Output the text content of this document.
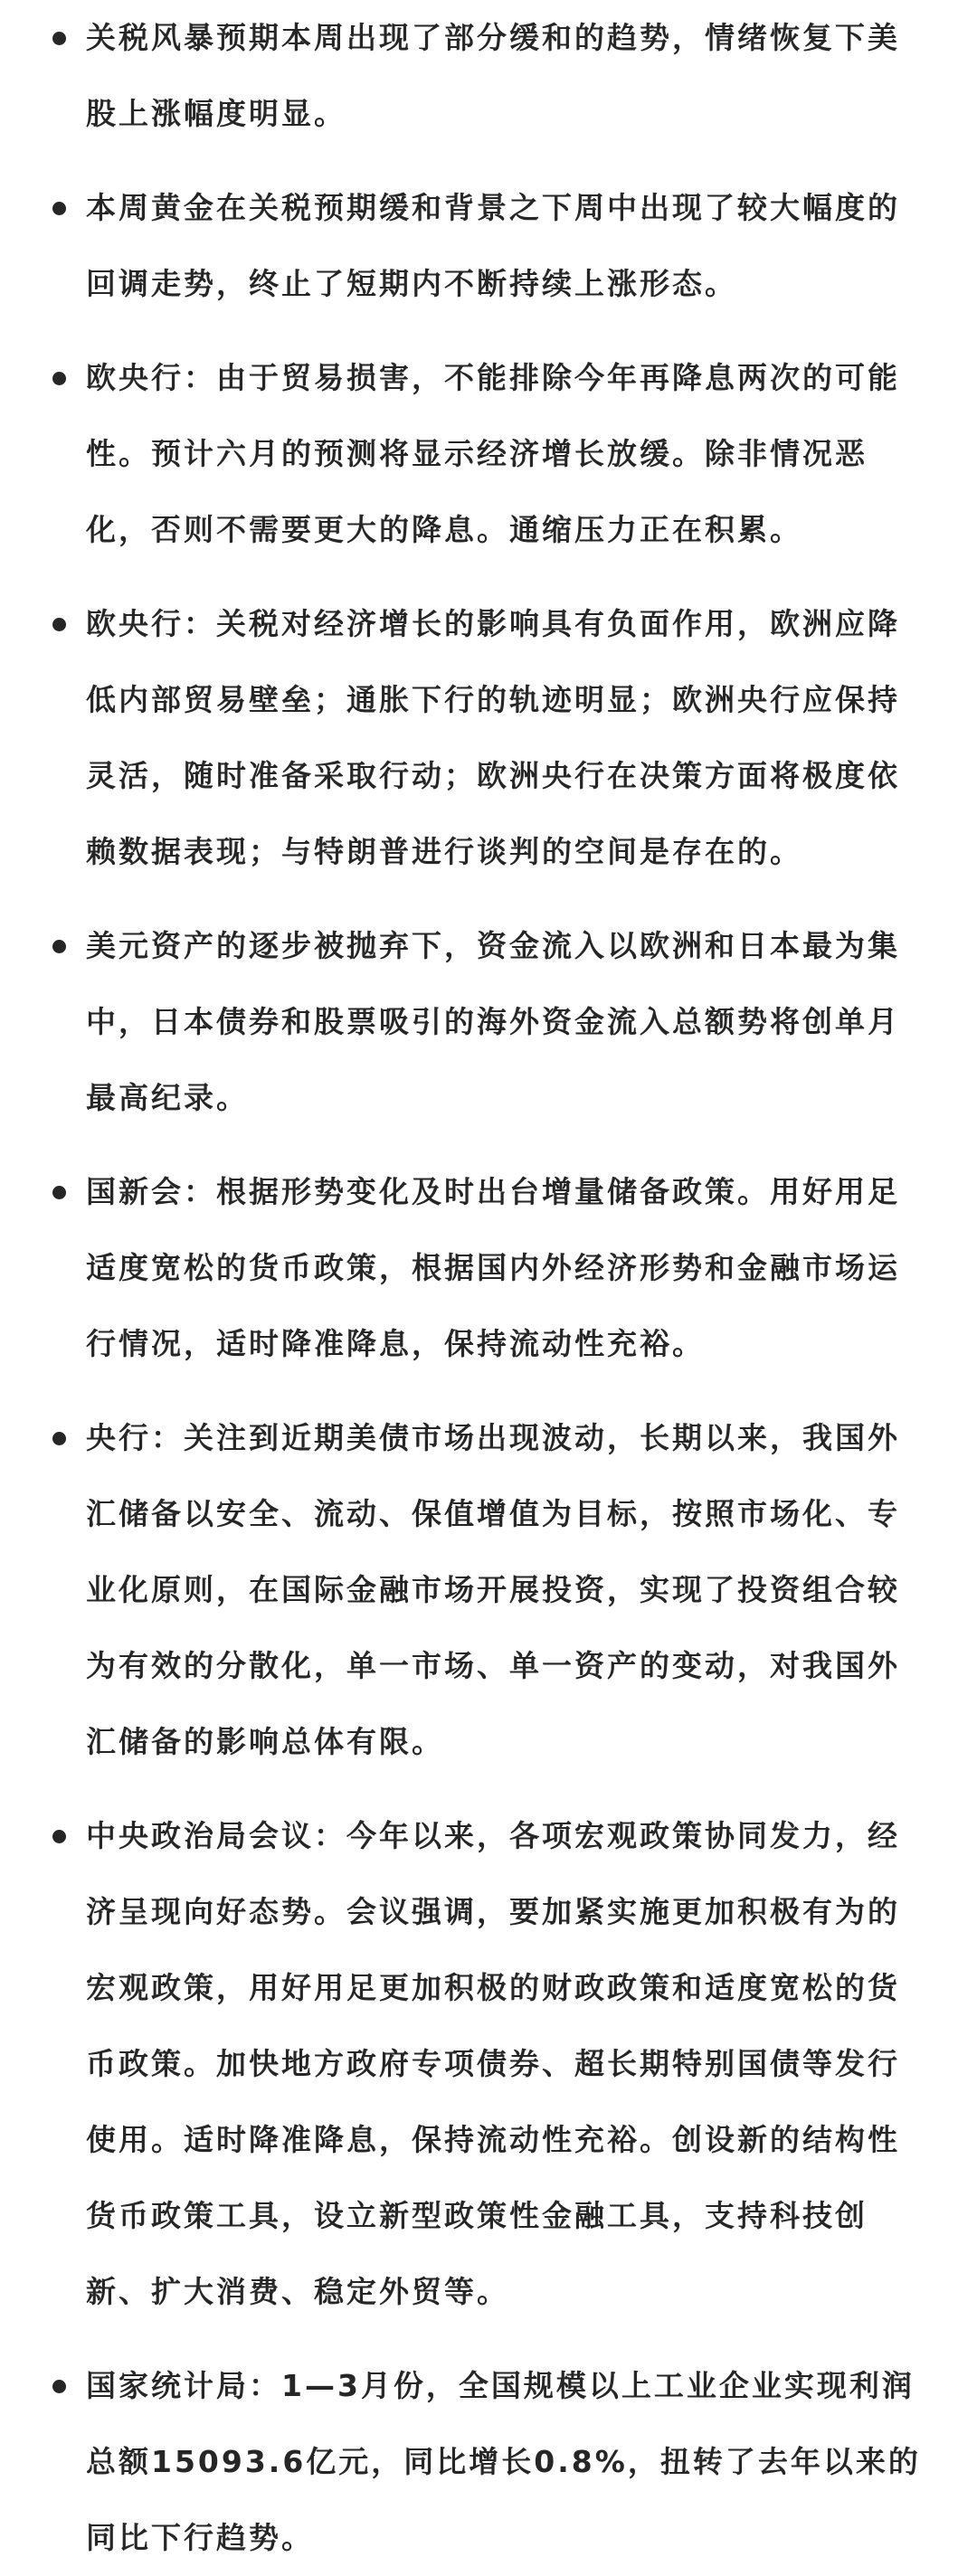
关税风暴预期本周出现了部分缓和的趋势，情绪恢复下美
股上涨幅度明显。
本周黄金在关税预期缓和背景之下周中出现了较大幅度的
回调走势，终止了短期内不断持续上涨形态。
欧央行：由于贸易损害，不能排除今年再降息两次的可能
性。预计六月的预测将显示经济增长放缓。除非情况恶
化，否则不需要更大的降息。通缩压力正在积累。
欧央行：关税对经济增长的影响具有负面作用，欧洲应降
低内部贸易壁垒；通胀下行的轨迹明显；欧洲央行应保持
灵活，随时准备采取行动；欧洲央行在决策方面将极度依
赖数据表现；与特朗普进行谈判的空间是存在的。
美元资产的逐步被抛弃下，资金流入以欧洲和日本最为集
中，日本债券和股票吸引的海外资金流入总额势将创单月
最高纪录。
国新会：根据形势变化及时出台增量储备政策。用好用足
适度宽松的货币政策，根据国内外经济形势和金融市场运
行情况，适时降准降息，保持流动性充裕。
央行：关注到近期美债市场出现波动，长期以来，我国外
汇储备以安全、流动、保值增值为目标，按照市场化、专
业化原则，在国际金融市场开展投资，实现了投资组合较
为有效的分散化，单一市场、单一资产的变动，对我国外
汇储备的影响总体有限。
中央政治局会议：今年以来，各项宏观政策协同发力，经
济呈现向好态势。会议强调，要加紧实施更加积极有为的
宏观政策，用好用足更加积极的财政政策和适度宽松的货
币政策。加快地方政府专项债券、超长期特别国债等发行
使用。适时降准降息，保持流动性充裕。创设新的结构性
货币政策工具，设立新型政策性金融工具，支持科技创
新、扩大消费、稳定外贸等。
国家统计局：1—3月份，全国规模以上工业企业实现利润
总额15093.6亿元，同比增长0.8%，扭转了去年以来的
同比下行趋势。
